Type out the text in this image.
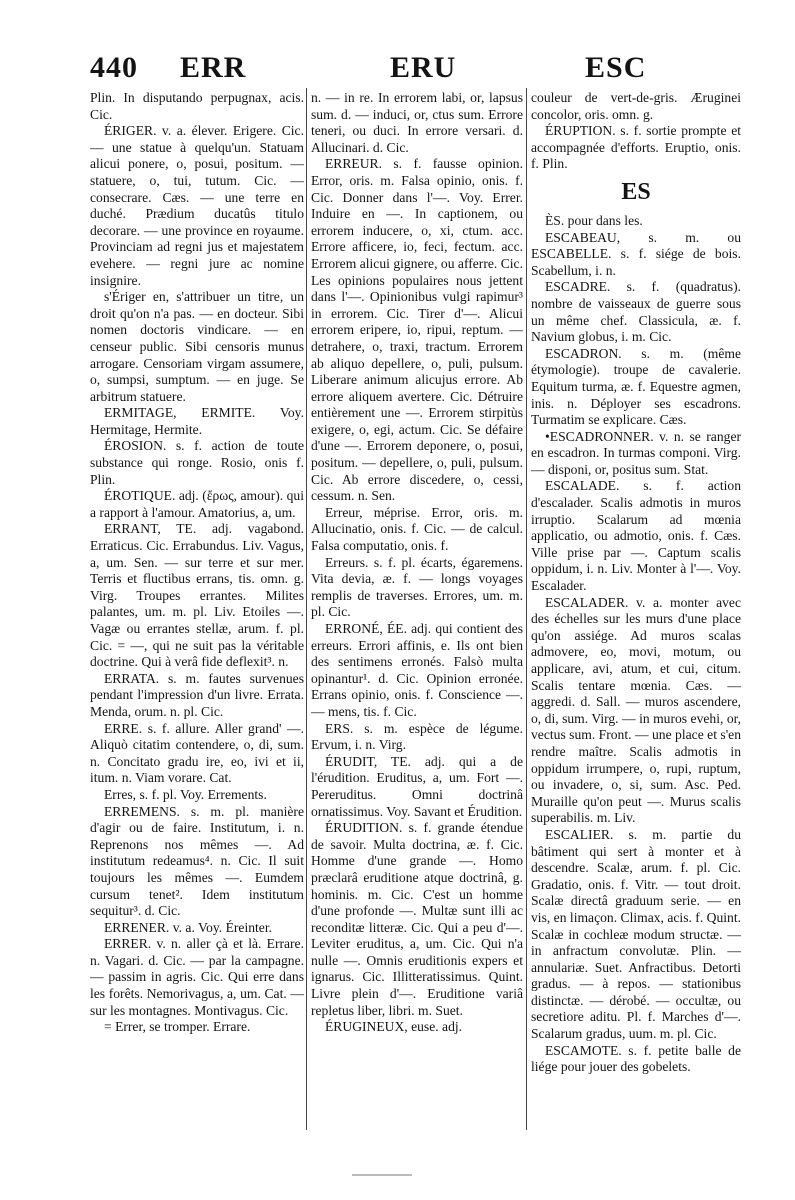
440 ERR	ERU	ESC

Plin. In disputando perpugnax, acis. Cic.

ÉRIGER. v. a. élever. Erigere. Cic. — une statue à quelqu'un. Statuam alicui ponere, o, posui, positum. — statuere, o, tui, tutum. Cic. — consecrare. Cæs. — une terre en duché. Prædium ducatûs titulo decorare. — une province en royaume. Provinciam ad regni jus et majestatem evehere. — regni jure ac nomine insignire.

s'Ériger en, s'attribuer un titre, un droit qu'on n'a pas. — en docteur. Sibi nomen doctoris vindicare. — en censeur public. Sibi censoris munus arrogare. Censoriam virgam assumere, o, sumpsi, sumptum. — en juge. Se arbitrum statuere.

ERMITAGE, ERMITE. Voy. Hermitage, Hermite.

ÉROSION. s. f. action de toute substance qui ronge. Rosio, onis f. Plin.

ÉROTIQUE. adj. (ἔρως, amour). qui a rapport à l'amour. Amatorius, a, um.

ERRANT, TE. adj. vagabond. Erraticus. Cic. Errabundus. Liv. Vagus, a, um. Sen. — sur terre et sur mer. Terris et fluctibus errans, tis. omn. g. Virg. Troupes errantes. Milites palantes, um. m. pl. Liv. Etoiles —. Vagæ ou errantes stellæ, arum. f. pl. Cic. = —, qui ne suit pas la véritable doctrine. Qui à verâ fide deflexit³. n.

ERRATA. s. m. fautes survenues pendant l'impression d'un livre. Errata. Menda, orum. n. pl. Cic.

ERRE. s. f. allure. Aller grand' —. Aliquò citatim contendere, o, di, sum. n. Concitato gradu ire, eo, ivi et ii, itum. n. Viam vorare. Cat.

Erres, s. f. pl. Voy. Errements.

ERREMENS. s. m. pl. manière d'agir ou de faire. Institutum, i. n. Reprenons nos mêmes —. Ad institutum redeamus⁴. n. Cic. Il suit toujours les mêmes —. Eumdem cursum tenet². Idem institutum sequitur³. d. Cic.

ERRENER. v. a. Voy. Éreinter.

ERRER. v. n. aller çà et là. Errare. n. Vagari. d. Cic. — par la campagne. — passim in agris. Cic. Qui erre dans les forêts. Nemorivagus, a, um. Cat. — sur les montagnes. Montivagus. Cic.

= Errer, se tromper. Errare.

n. — in re. In errorem labi, or, lapsus sum. d. — induci, or, ctus sum. Errore teneri, ou duci. In errore versari. d. Allucinari. d. Cic.

ERREUR. s. f. fausse opinion. Error, oris. m. Falsa opinio, onis. f. Cic. Donner dans l'—. Voy. Errer. Induire en —. In captionem, ou errorem inducere, o, xi, ctum. acc. Errore afficere, io, feci, fectum. acc. Errorem alicui gignere, ou afferre. Cic. Les opinions populaires nous jettent dans l'—. Opinionibus vulgi rapimur³ in errorem. Cic. Tirer d'—. Alicui errorem eripere, io, ripui, reptum. — detrahere, o, traxi, tractum. Errorem ab aliquo depellere, o, puli, pulsum. Liberare animum alicujus errore. Ab errore aliquem avertere. Cic. Détruire entièrement une —. Errorem stirpitùs exigere, o, egi, actum. Cic. Se défaire d'une —. Errorem deponere, o, posui, positum. — depellere, o, puli, pulsum. Cic. Ab errore discedere, o, cessi, cessum. n. Sen.

Erreur, méprise. Error, oris. m. Allucinatio, onis. f. Cic. — de calcul. Falsa computatio, onis. f.

Erreurs. s. f. pl. écarts, égaremens. Vita devia, æ. f. — longs voyages remplis de traverses. Errores, um. m. pl. Cic.

ERRONÉ, ÉE. adj. qui contient des erreurs. Errori affinis, e. Ils ont bien des sentimens erronés. Falsò multa opinantur¹. d. Cic. Opinion erronée. Errans opinio, onis. f. Conscience —. — mens, tis. f. Cic.

ERS. s. m. espèce de légume. Ervum, i. n. Virg.

ÉRUDIT, TE. adj. qui a de l'érudition. Eruditus, a, um. Fort —. Pereruditus. Omni doctrinâ ornatissimus. Voy. Savant et Érudition.

ÉRUDITION. s. f. grande étendue de savoir. Multa doctrina, æ. f. Cic. Homme d'une grande —. Homo præclarâ eruditione atque doctrinâ, g. hominis. m. Cic. C'est un homme d'une profonde —. Multæ sunt illi ac reconditæ litteræ. Cic. Qui a peu d'—. Leviter eruditus, a, um. Cic. Qui n'a nulle —. Omnis eruditionis expers et ignarus. Cic. Illitteratissimus. Quint. Livre plein d'—. Eruditione variâ repletus liber, libri. m. Suet.

ÉRUGINEUX, euse. adj.

couleur de vert-de-gris. Æruginei concolor, oris. omn. g.

ÉRUPTION. s. f. sortie prompte et accompagnée d'efforts. Eruptio, onis. f. Plin.

ES

ÈS. pour dans les.

ESCABEAU, s. m. ou ESCABELLE. s. f. siége de bois. Scabellum, i. n.

ESCADRE. s. f. (quadratus). nombre de vaisseaux de guerre sous un même chef. Classicula, æ. f. Navium globus, i. m. Cic.

ESCADRON. s. m. (même étymologie). troupe de cavalerie. Equitum turma, æ. f. Equestre agmen, inis. n. Déployer ses escadrons. Turmatim se explicare. Cæs.

•ESCADRONNER. v. n. se ranger en escadron. In turmas componi. Virg. — disponi, or, positus sum. Stat.

ESCALADE. s. f. action d'escalader. Scalis admotis in muros irruptio. Scalarum ad mœnia applicatio, ou admotio, onis. f. Cæs. Ville prise par —. Captum scalis oppidum, i. n. Liv. Monter à l'—. Voy. Escalader.

ESCALADER. v. a. monter avec des échelles sur les murs d'une place qu'on assiége. Ad muros scalas admovere, eo, movi, motum, ou applicare, avi, atum, et cui, citum. Scalis tentare mœnia. Cæs. — aggredi. d. Sall. — muros ascendere, o, di, sum. Virg. — in muros evehi, or, vectus sum. Front. — une place et s'en rendre maître. Scalis admotis in oppidum irrumpere, o, rupi, ruptum, ou invadere, o, si, sum. Asc. Ped. Muraille qu'on peut —. Murus scalis superabilis. m. Liv.

ESCALIER. s. m. partie du bâtiment qui sert à monter et à descendre. Scalæ, arum. f. pl. Cic. Gradatio, onis. f. Vitr. — tout droit. Scalæ directâ graduum serie. — en vis, en limaçon. Climax, acis. f. Quint. Scalæ in cochleæ modum structæ. — in anfractum convolutæ. Plin. — annulariæ. Suet. Anfractibus. Detorti gradus. — à repos. — stationibus distinctæ. — dérobé. — occultæ, ou secretiore aditu. Pl. f. Marches d'—. Scalarum gradus, uum. m. pl. Cic.

ESCAMOTE. s. f. petite balle de liége pour jouer des gobelets.
